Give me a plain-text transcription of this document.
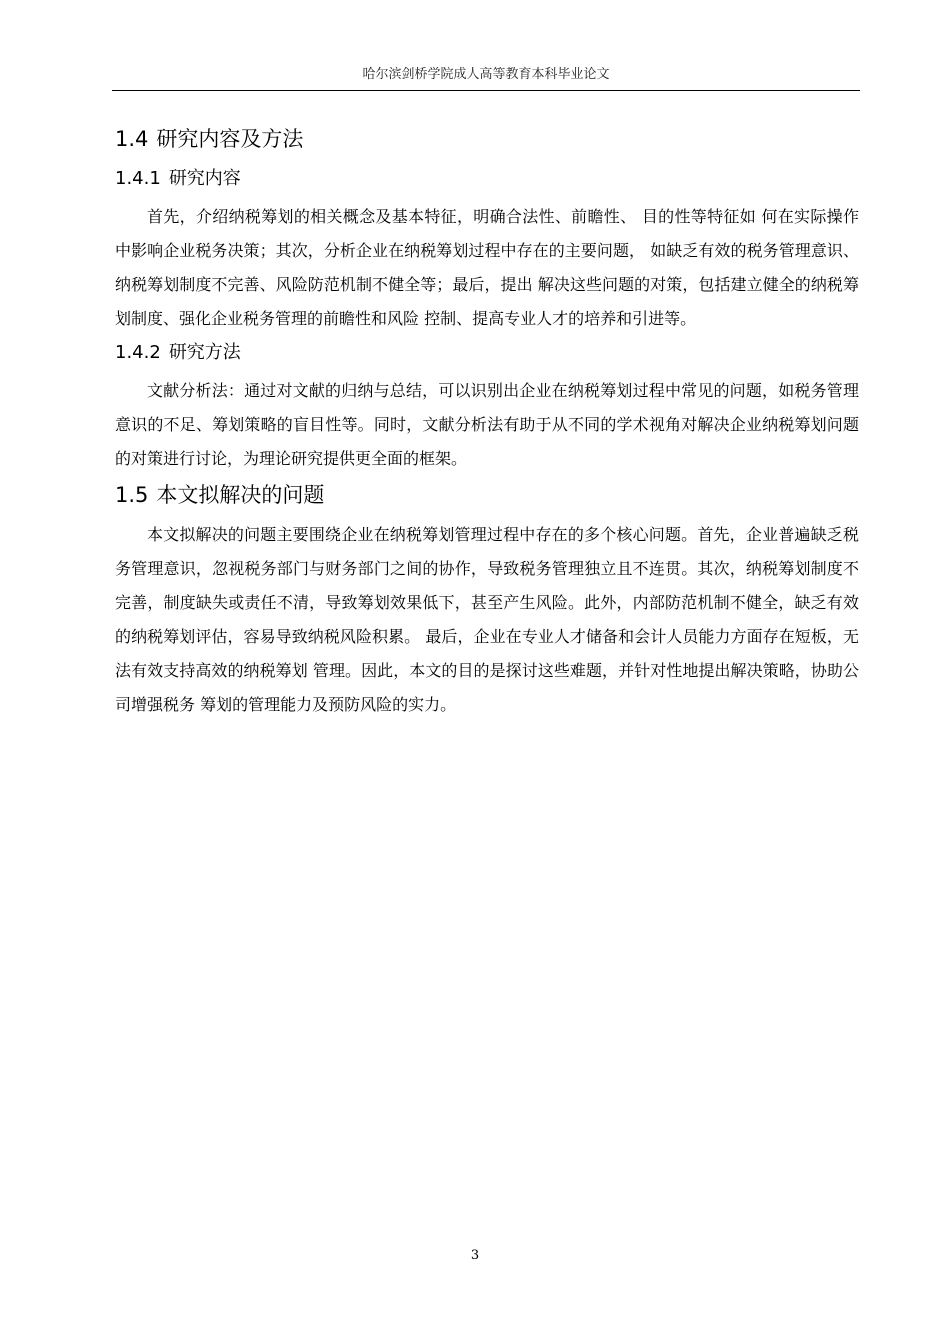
哈尔滨剑桥学院成人高等教育本科毕业论文
1.4 研究内容及方法
1.4.1 研究内容

首先，介绍纳税筹划的相关概念及基本特征，明确合法性、前瞻性、 目的性等特征如 何在实际操作中影响企业税务决策；其次，分析企业在纳税筹划过程中存在的主要问题， 如缺乏有效的税务管理意识、纳税筹划制度不完善、风险防范机制不健全等；最后，提出 解决这些问题的对策，包括建立健全的纳税筹划制度、强化企业税务管理的前瞻性和风险 控制、提高专业人才的培养和引进等。

1.4.2 研究方法

文献分析法：通过对文献的归纳与总结，可以识别出企业在纳税筹划过程中常见的问题，如税务管理意识的不足、筹划策略的盲目性等。同时，文献分析法有助于从不同的学术视角对解决企业纳税筹划问题的对策进行讨论，为理论研究提供更全面的框架。

1.5 本文拟解决的问题

本文拟解决的问题主要围绕企业在纳税筹划管理过程中存在的多个核心问题。首先，企业普遍缺乏税务管理意识，忽视税务部门与财务部门之间的协作，导致税务管理独立且不连贯。其次，纳税筹划制度不完善，制度缺失或责任不清，导致筹划效果低下，甚至产生风险。此外，内部防范机制不健全，缺乏有效的纳税筹划评估，容易导致纳税风险积累。 最后，企业在专业人才储备和会计人员能力方面存在短板，无法有效支持高效的纳税筹划 管理。因此，本文的目的是探讨这些难题，并针对性地提出解决策略，协助公司增强税务 筹划的管理能力及预防风险的实力。

3
